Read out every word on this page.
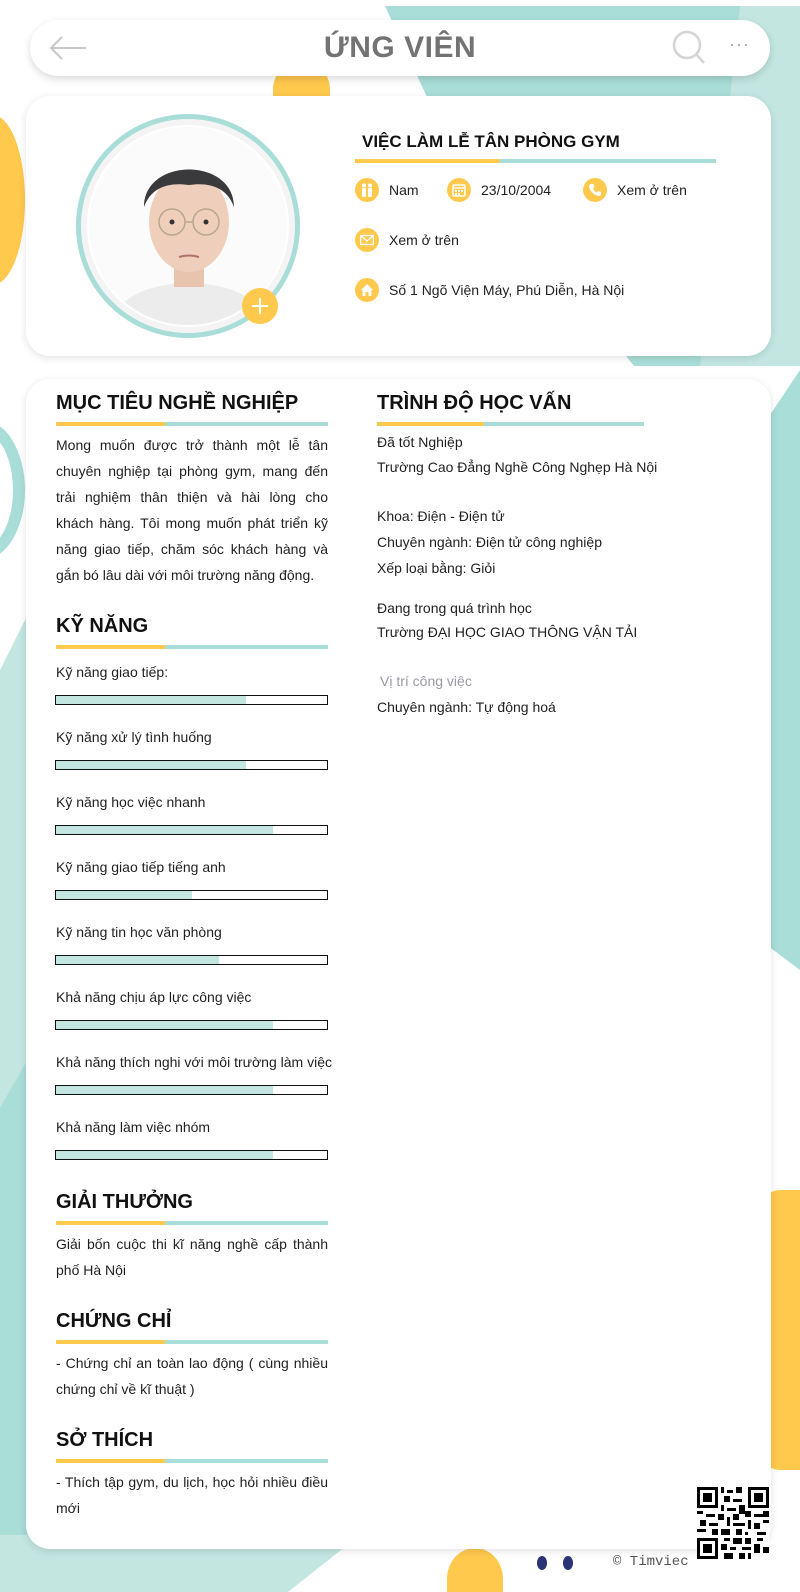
ỨNG VIÊN	···
VIỆC LÀM LỄ TÂN PHÒNG GYM
Nam	23/10/2004	Xem ở trên
Xem ở trên
Số 1 Ngõ Viện Máy, Phú Diễn, Hà Nội
MỤC TIÊU NGHỀ NGHIỆP
Mong muốn được trở thành một lễ tân chuyên nghiệp tại phòng gym, mang đến trải nghiệm thân thiện và hài lòng cho khách hàng. Tôi mong muốn phát triển kỹ năng giao tiếp, chăm sóc khách hàng và gắn bó lâu dài với môi trường năng động.
KỸ NĂNG
Kỹ năng giao tiếp:
Kỹ năng xử lý tình huống
Kỹ năng học việc nhanh
Kỹ năng giao tiếp tiếng anh
Kỹ năng tin học văn phòng
Khả năng chịu áp lực công việc
Khả năng thích nghi với môi trường làm việc
Khả năng làm việc nhóm
GIẢI THƯỞNG
Giải bốn cuộc thi kĩ năng nghề cấp thành phố Hà Nội
CHỨNG CHỈ
- Chứng chỉ an toàn lao động ( cùng nhiều chứng chỉ về kĩ thuật )
SỞ THÍCH
- Thích tập gym, du lịch, học hỏi nhiều điều mới
TRÌNH ĐỘ HỌC VẤN
Đã tốt Nghiệp
Trường Cao Đẳng Nghề Công Nghẹp Hà Nội
Khoa: Điện - Điện tử
Chuyên ngành: Điện tử công nghiệp
Xếp loại bằng: Giỏi
Đang trong quá trình học
Trường ĐẠI HỌC GIAO THÔNG VẬN TẢI
Vị trí công việc
Chuyên ngành: Tự động hoá
© Timviec
